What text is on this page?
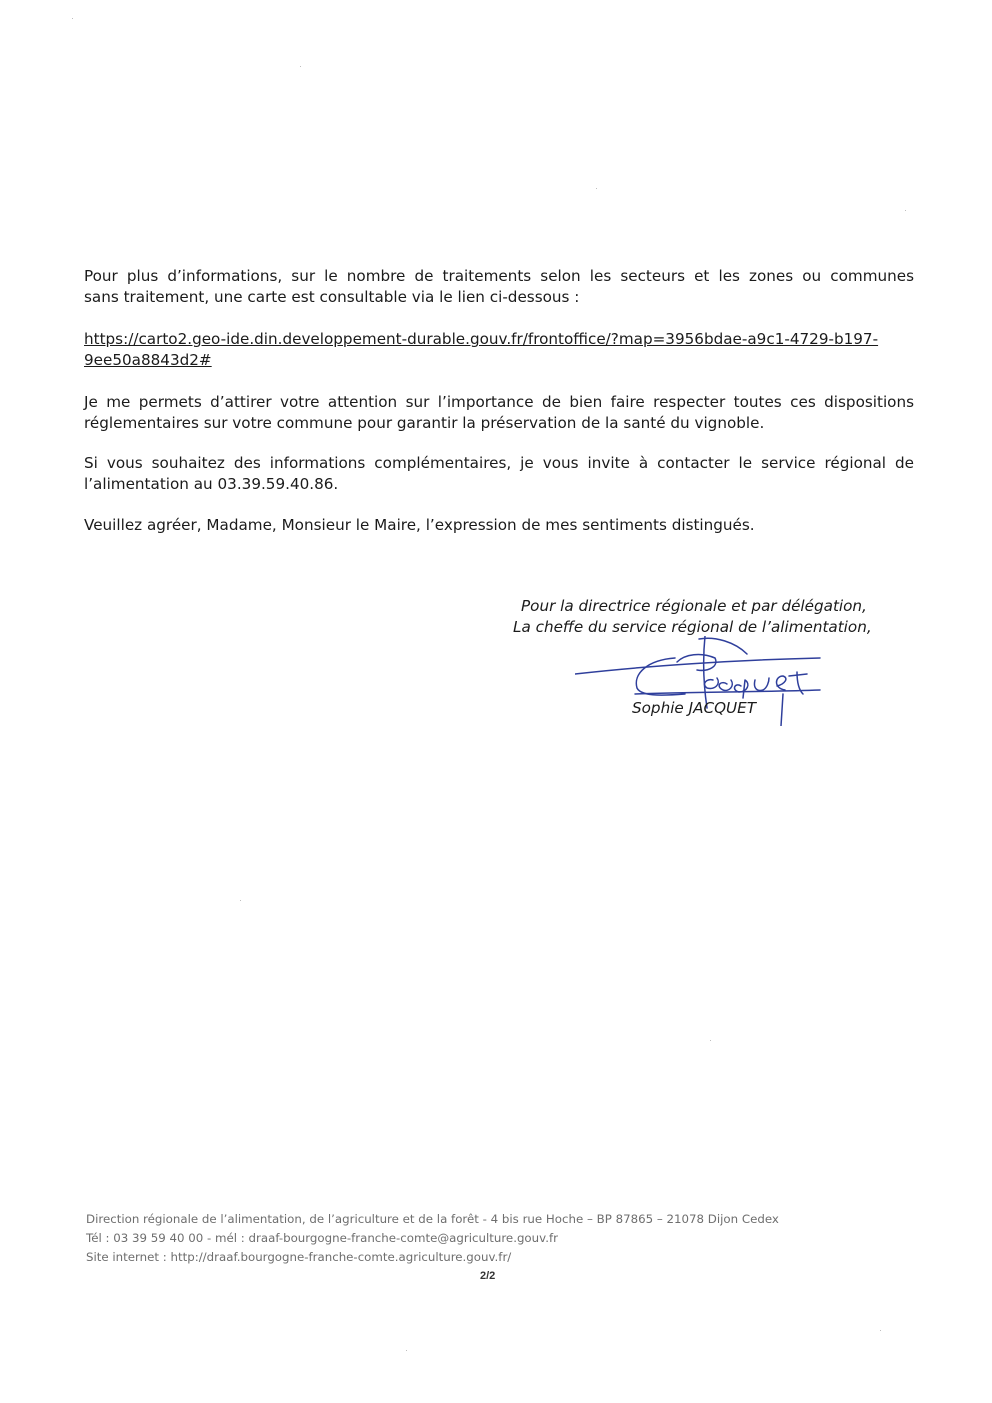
Pour plus d’informations, sur le nombre de traitements selon les secteurs et les zones ou communes
sans traitement, une carte est consultable via le lien ci-dessous :

https://carto2.geo-ide.din.developpement-durable.gouv.fr/frontoffice/?map=3956bdae-a9c1-4729-b197-
9ee50a8843d2#

Je me permets d’attirer votre attention sur l’importance de bien faire respecter toutes ces dispositions
réglementaires sur votre commune pour garantir la préservation de la santé du vignoble.

Si vous souhaitez des informations complémentaires, je vous invite à contacter le service régional de
l’alimentation au 03.39.59.40.86.

Veuillez agréer, Madame, Monsieur le Maire, l’expression de mes sentiments distingués.

Pour la directrice régionale et par délégation,
La cheffe du service régional de l’alimentation,
Sophie JACQUET
Direction régionale de l’alimentation, de l’agriculture et de la forêt - 4 bis rue Hoche – BP 87865 – 21078 Dijon Cedex
Tél : 03 39 59 40 00 - mél : draaf-bourgogne-franche-comte@agriculture.gouv.fr
Site internet : http://draaf.bourgogne-franche-comte.agriculture.gouv.fr/
2/2
